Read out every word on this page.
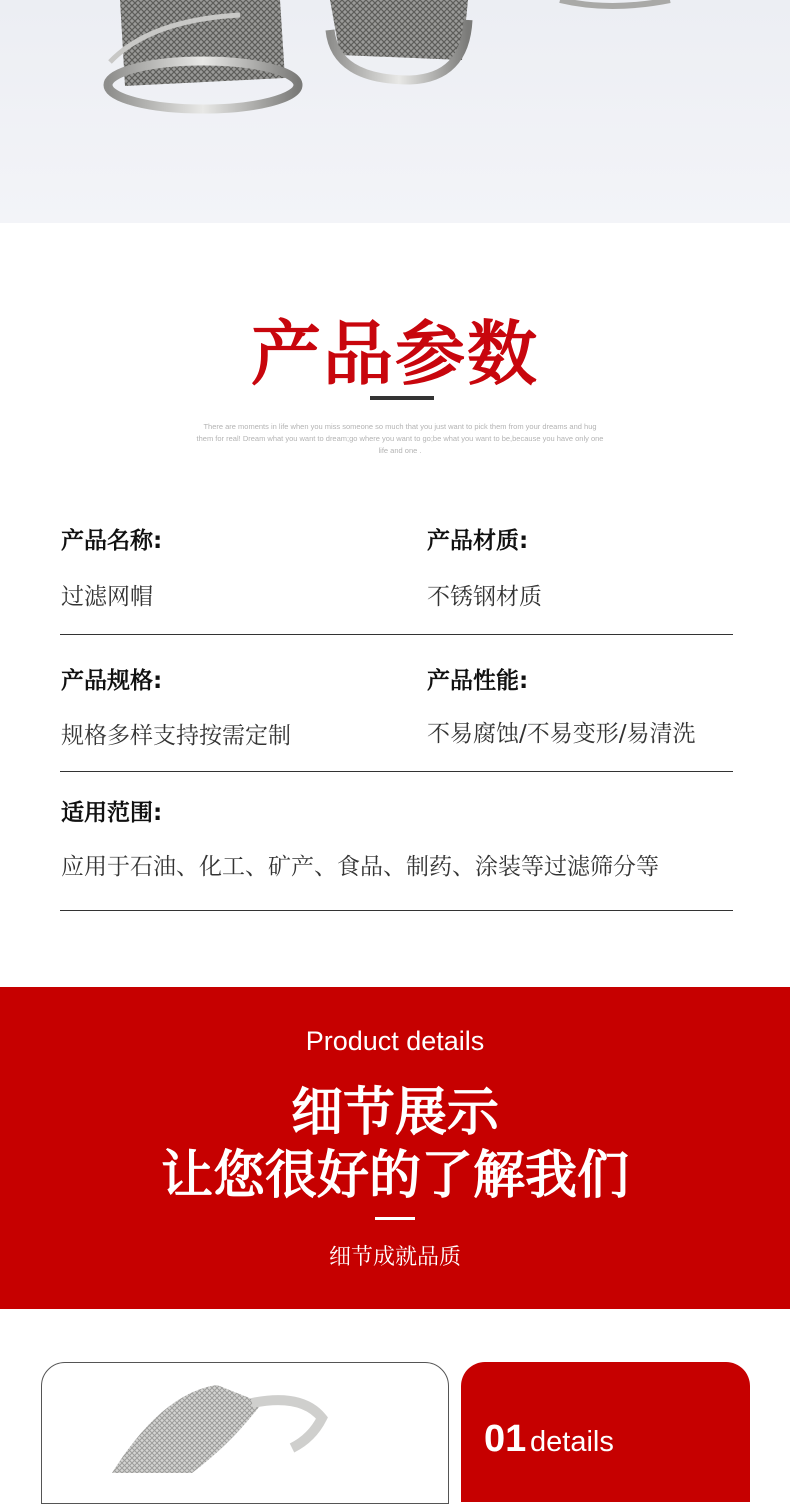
产品参数
There are moments in life when you miss someone so much that you just want to pick them from your dreams and hug them for real! Dream what you want to dream;go where you want to go;be what you want to be,because you have only one life and one .
产品名称:
过滤网帽
产品材质:
不锈钢材质
产品规格:
规格多样支持按需定制
产品性能:
不易腐蚀/不易变形/易清洗
适用范围:
应用于石油、化工、矿产、食品、制药、涂装等过滤筛分等
Product details
细节展示
让您很好的了解我们
细节成就品质
01 details
